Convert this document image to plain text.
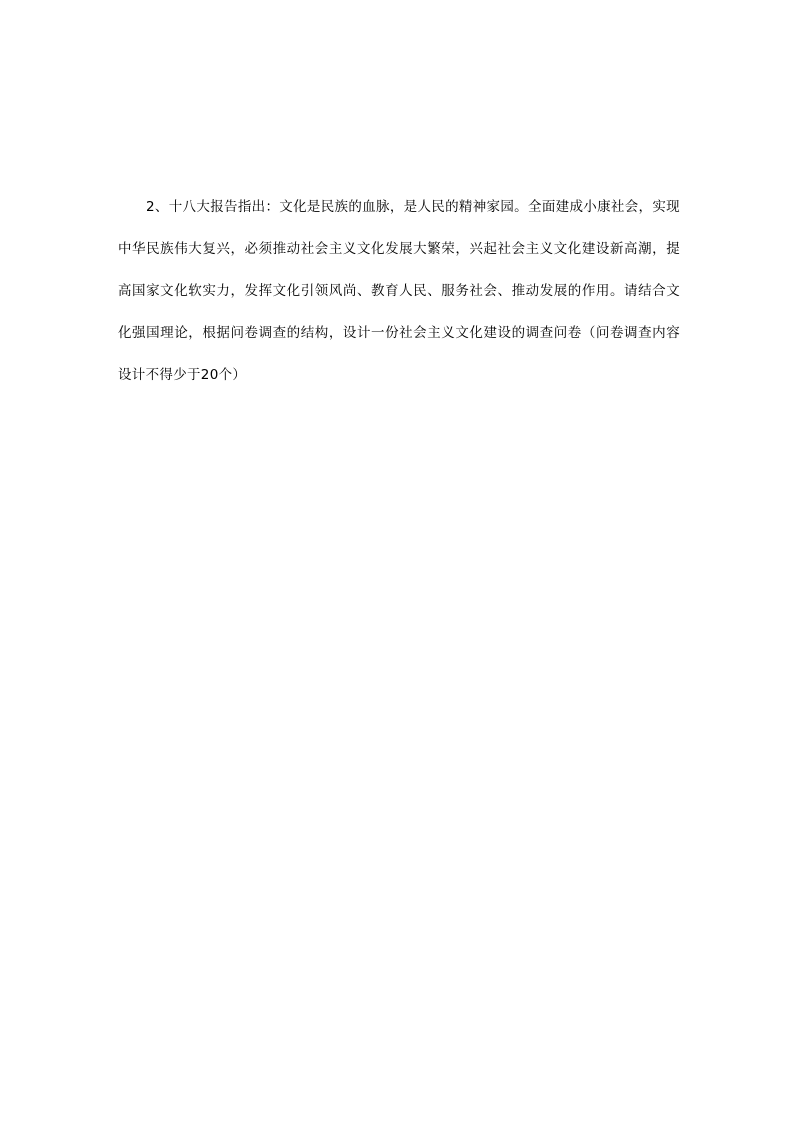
2、十八大报告指出：文化是民族的血脉，是人民的精神家园。全面建成小康社会，实现中华民族伟大复兴，必须推动社会主义文化发展大繁荣，兴起社会主义文化建设新高潮，提高国家文化软实力，发挥文化引领风尚、教育人民、服务社会、推动发展的作用。请结合文化强国理论，根据问卷调查的结构，设计一份社会主义文化建设的调查问卷（问卷调查内容设计不得少于20个）
